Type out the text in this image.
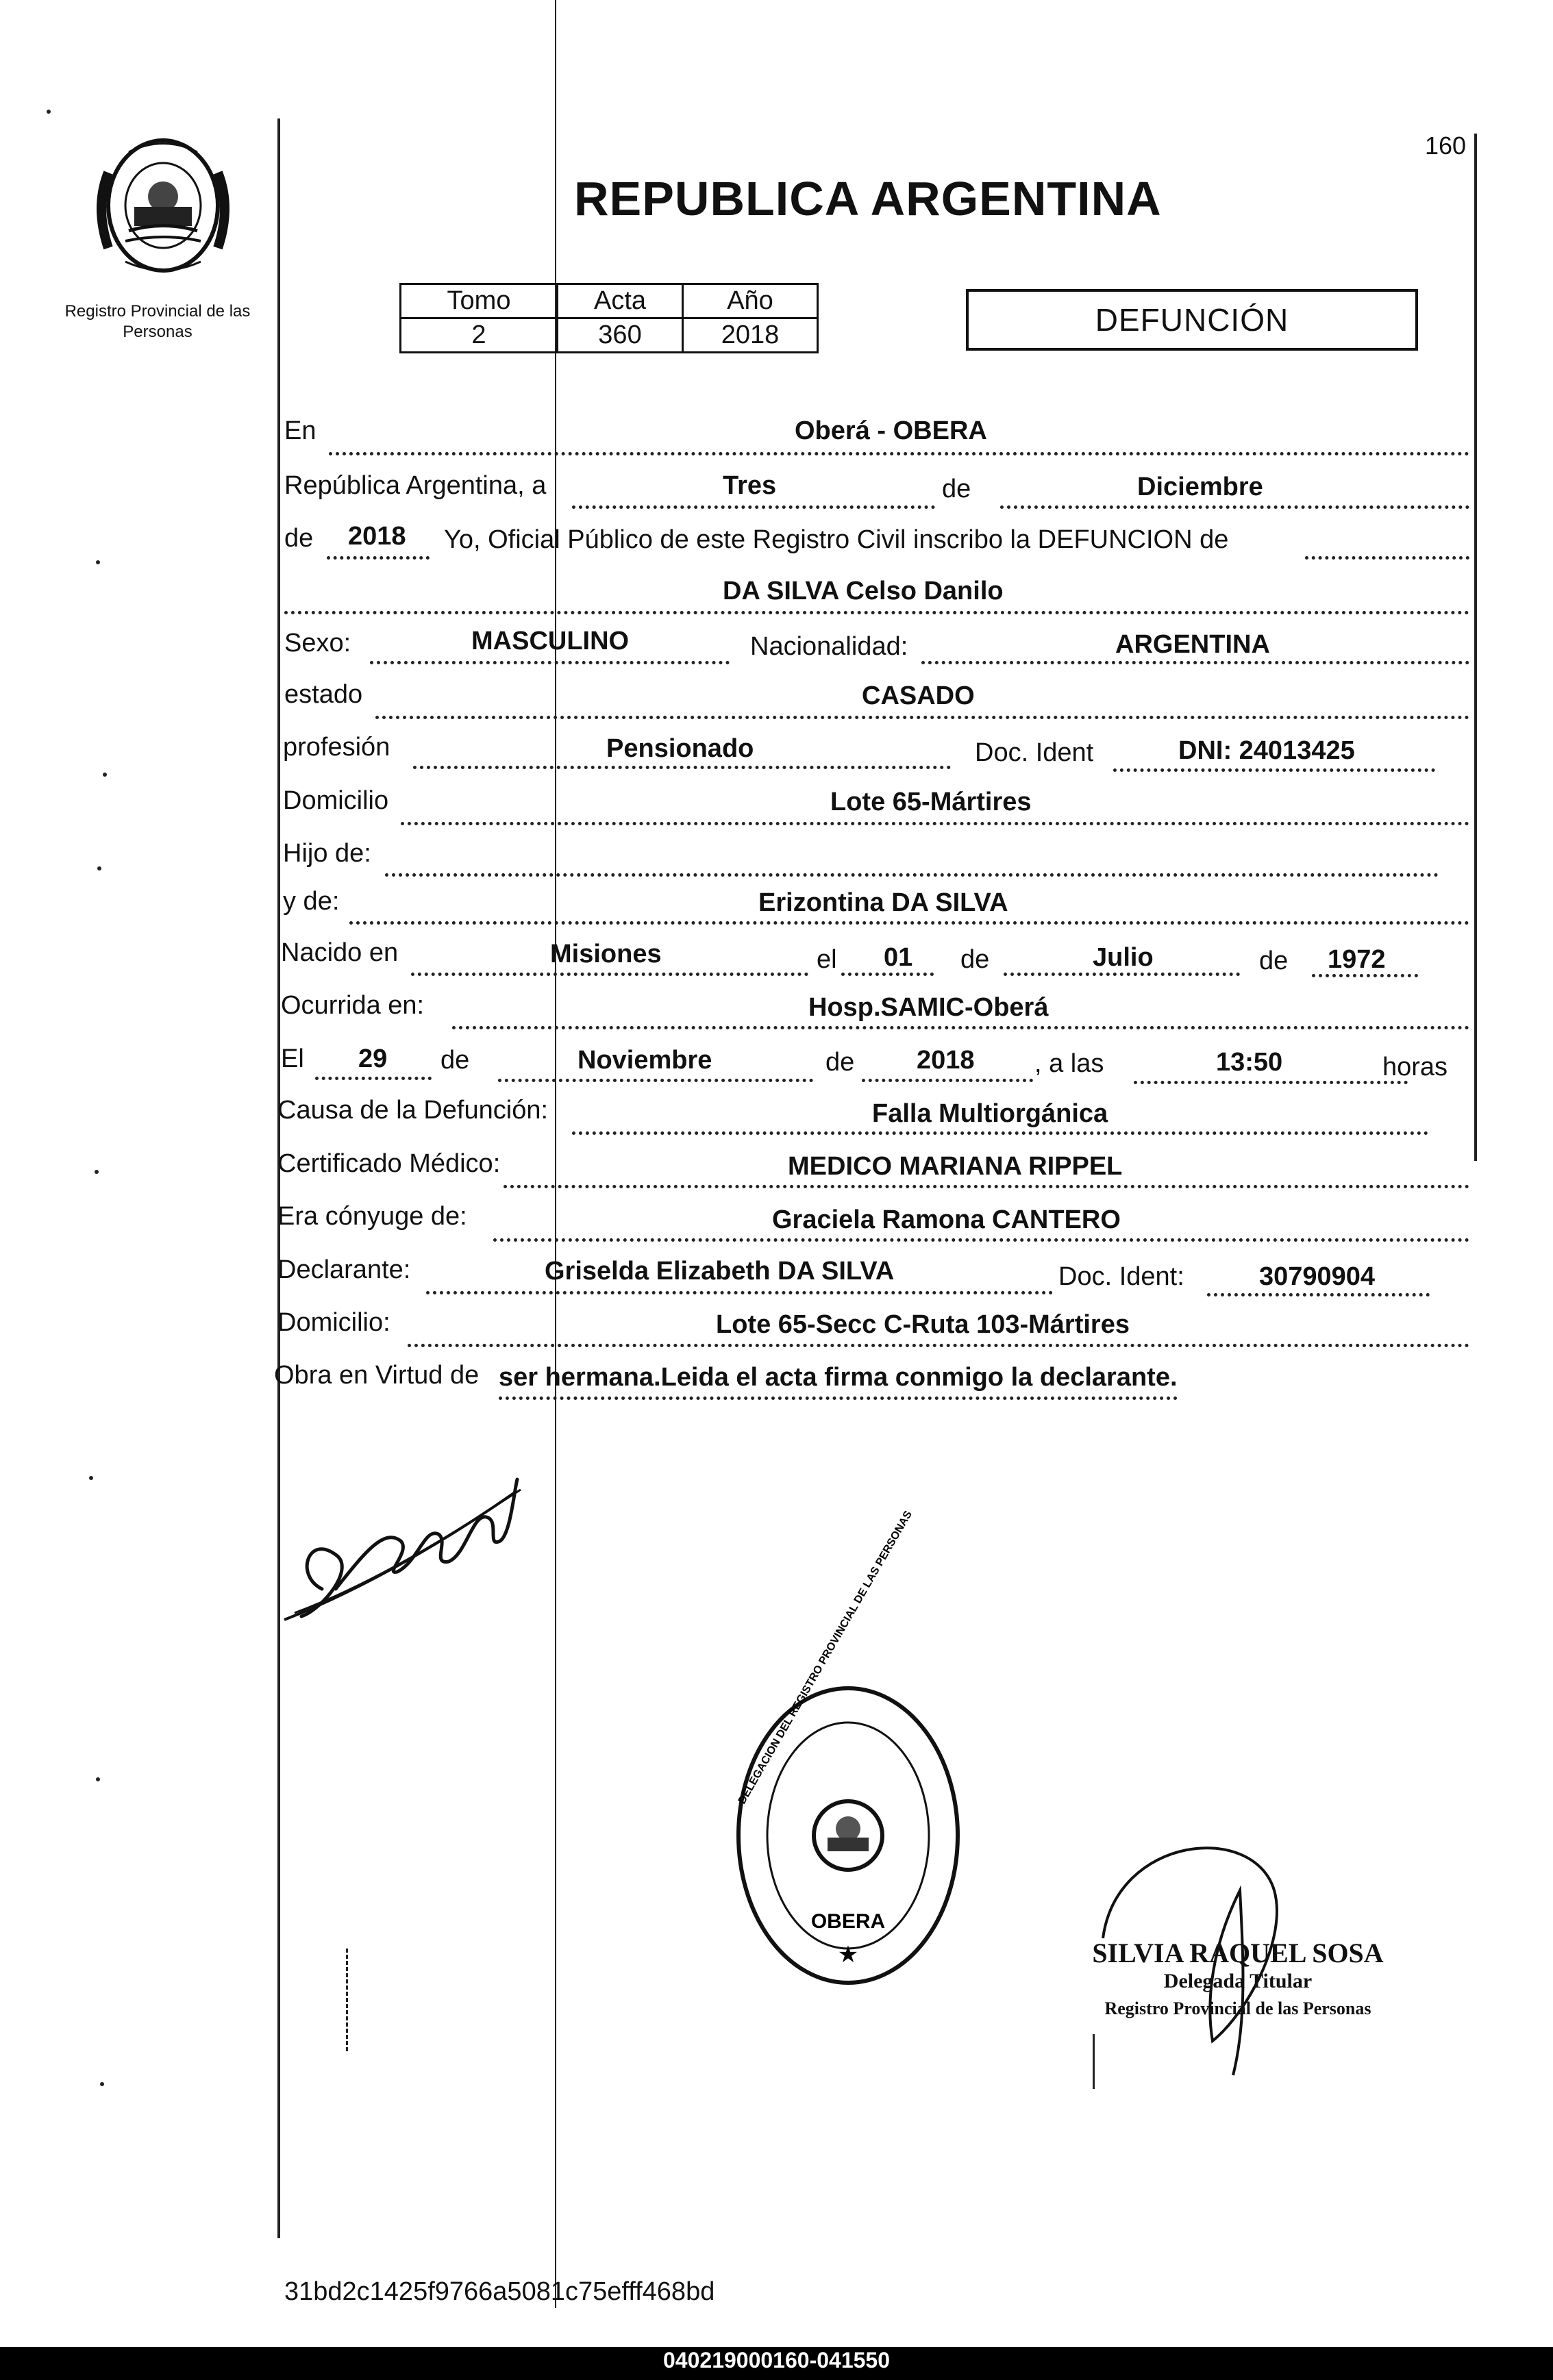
Registro Provincial de las Personas
160
REPUBLICA ARGENTINA
Tomo	Acta	Año
2	360	2018	DEFUNCIÓN
En	Oberá - OBERA
República Argentina, a	Tres	de	Diciembre
de 2018 Yo, Oficial Público de este Registro Civil inscribo la DEFUNCION de
DA SILVA Celso Danilo
Sexo:	MASCULINO	Nacionalidad:	ARGENTINA
estado	CASADO
profesión	Pensionado	Doc. Ident	DNI: 24013425
Domicilio	Lote 65-Mártires
Hijo de:
y de:	Erizontina DA SILVA
Nacido en	Misiones	el 01 de	Julio	de 1972
Ocurrida en:	Hosp.SAMIC-Oberá
El 29 de	Noviembre	de 2018 , a las	13:50	horas
Causa de la Defunción:	Falla Multiorgánica
Certificado Médico:	MEDICO MARIANA RIPPEL
Era cónyuge de:	Graciela Ramona CANTERO
Declarante:	Griselda Elizabeth DA SILVA	Doc. Ident:	30790904
Domicilio:	Lote 65-Secc C-Ruta 103-Mártires
Obra en Virtud de ser hermana.Leida el acta firma conmigo la declarante.
OBERA
★
DELEGACION DEL REGISTRO PROVINCIAL DE LAS PERSONAS
SILVIA RAQUEL SOSA
Delegada Titular
Registro Provincial de las Personas
31bd2c1425f9766a5081c75efff468bd
040219000160-041550
